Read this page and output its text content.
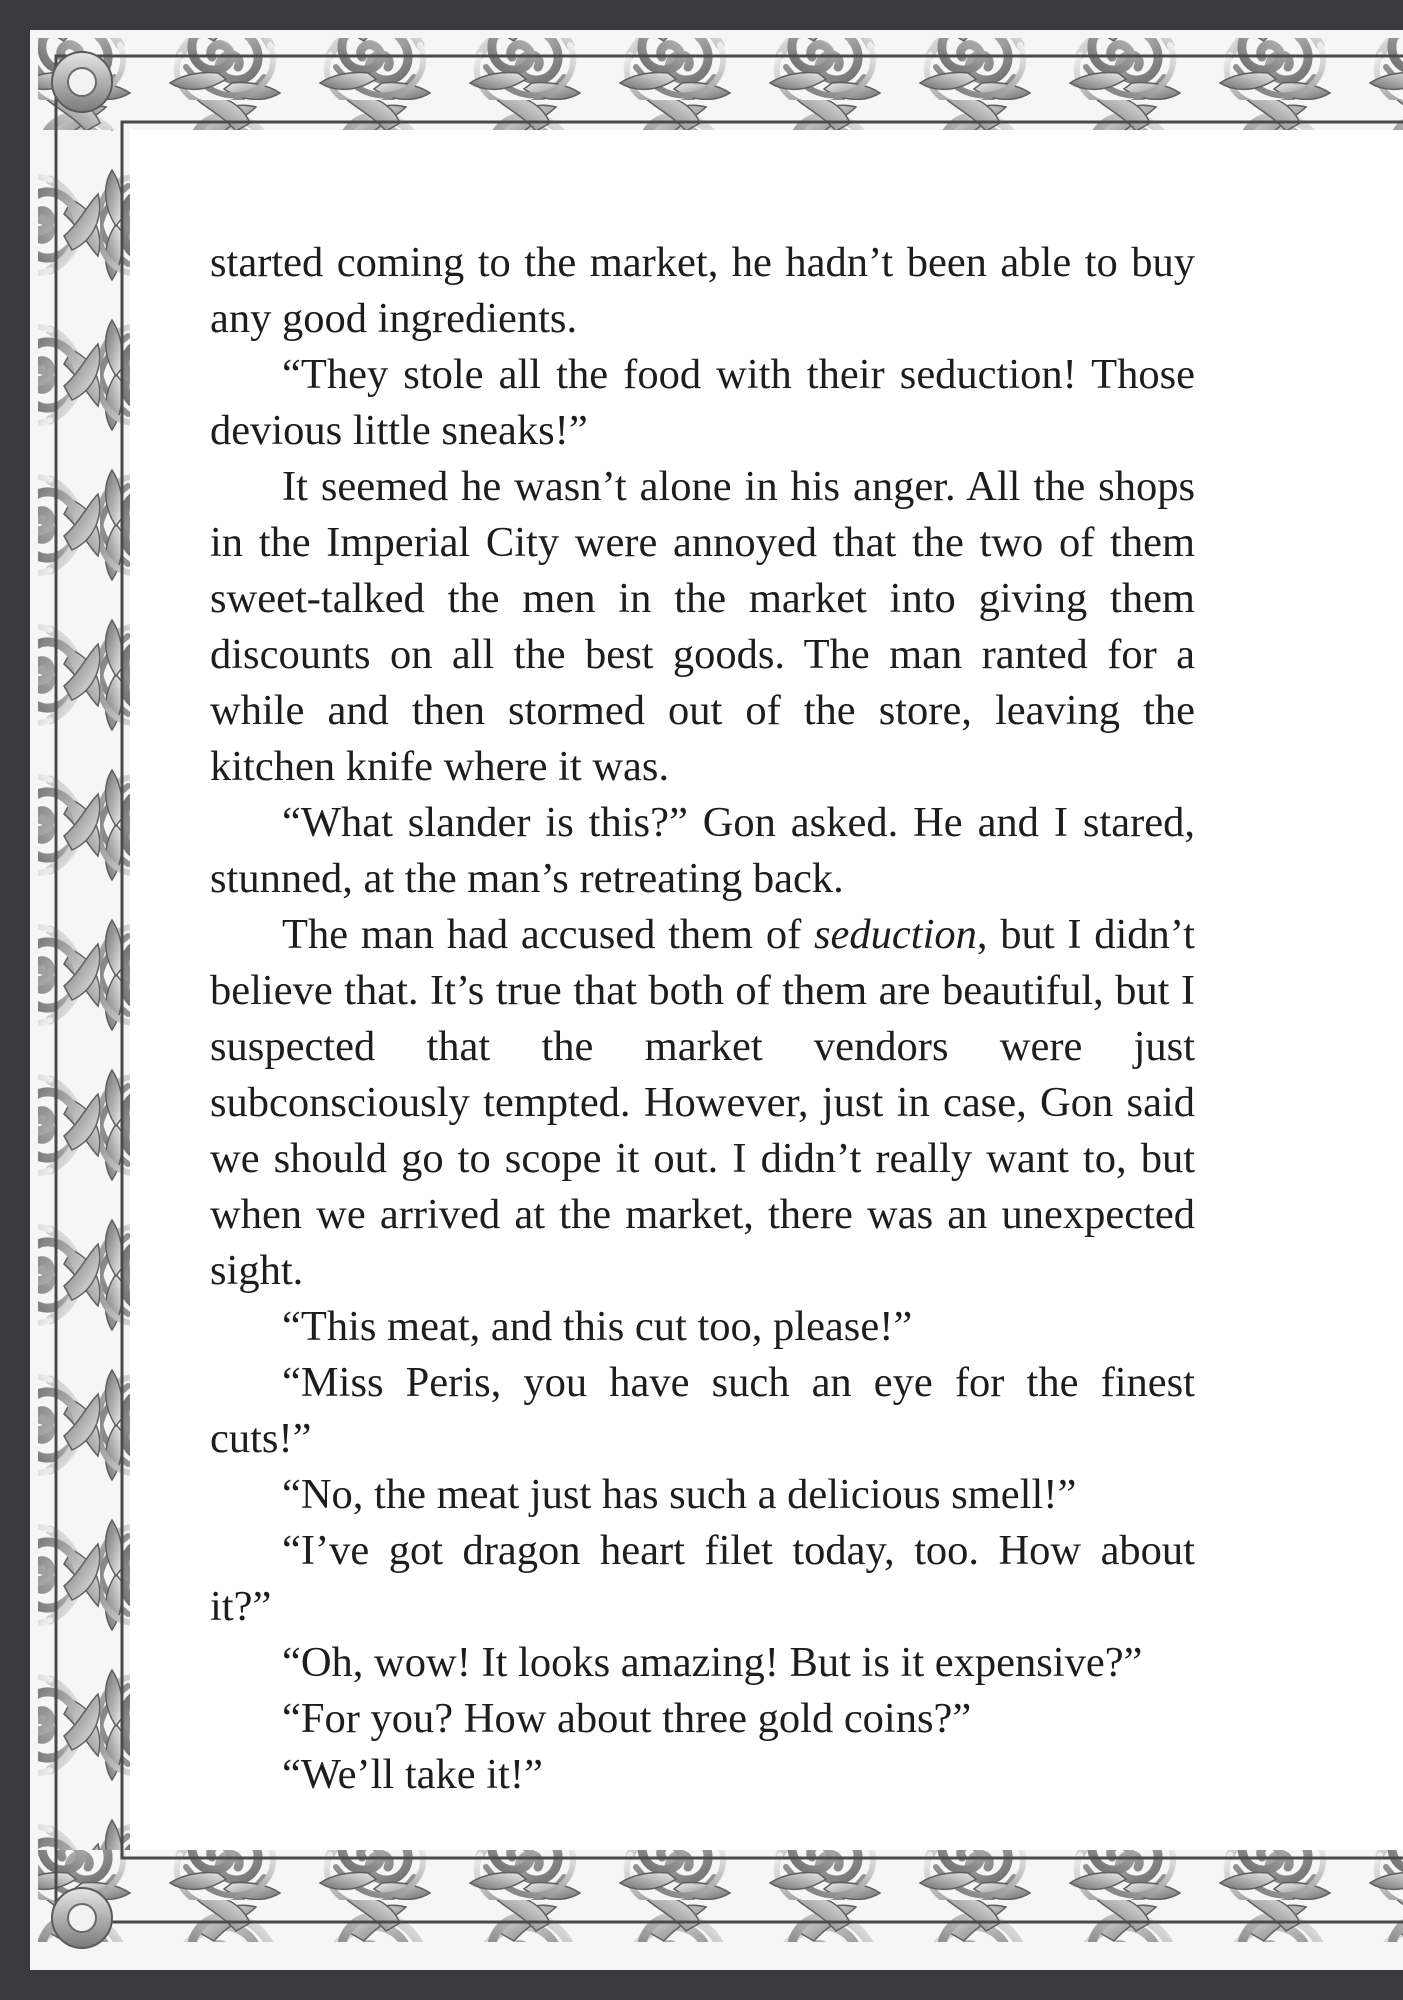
started coming to the market, he hadn’t been able to buy any good ingredients.

“They stole all the food with their seduction! Those devious little sneaks!”

It seemed he wasn’t alone in his anger. All the shops in the Imperial City were annoyed that the two of them sweet-talked the men in the market into giving them discounts on all the best goods. The man ranted for a while and then stormed out of the store, leaving the kitchen knife where it was.

“What slander is this?” Gon asked. He and I stared, stunned, at the man’s retreating back.

The man had accused them of seduction, but I didn’t believe that. It’s true that both of them are beautiful, but I suspected that the market vendors were just subconsciously tempted. However, just in case, Gon said we should go to scope it out. I didn’t really want to, but when we arrived at the market, there was an unexpected sight.

“This meat, and this cut too, please!”

“Miss Peris, you have such an eye for the finest cuts!”

“No, the meat just has such a delicious smell!”

“I’ve got dragon heart filet today, too. How about it?”

“Oh, wow! It looks amazing! But is it expensive?”

“For you? How about three gold coins?”

“We’ll take it!”
